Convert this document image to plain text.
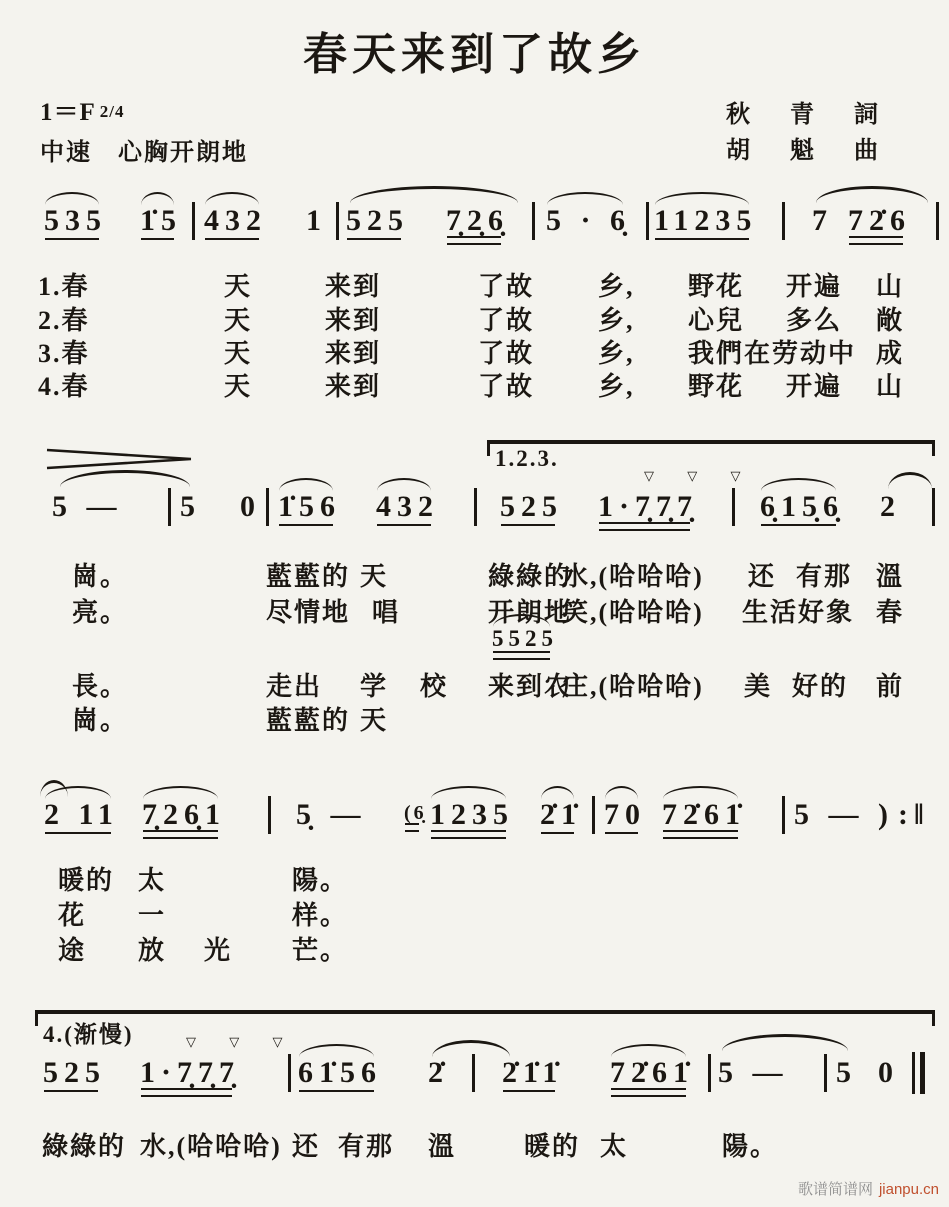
春天来到了故乡
1＝F 2/4
中速　心胸开朗地
秋　青　詞
胡　魁　曲
535 1̇5 432 1 525 7̣2̣6̣ 5 · 6̣ 11235 7 72̇6
1.春	天	来到	了故 乡, 野花 开遍 山
2.春	天	来到	了故 乡, 心兒 多么 敞
3.春	天	来到	了故 乡, 我們在劳动中 成
4.春	天	来到	了故 乡, 野花 开遍 山
1.2.3.
▽ ▽ ▽
5 — 5 0 1̇56 432 525 1·7̣7̣7̣ 6̣15̣6̣ 2
崗。	藍藍的 天	綠綠的
水,(哈哈哈) 还 有那 溫
亮。	尽情地 唱	开朗地
笑,(哈哈哈) 生活好象 春
5525
長。	走出 学 校 来到农
庄,(哈哈哈) 美 好的 前
崗。	藍藍的 天
2 11 7̣26̣1 5̣ — (6̣ 1235 2̇1̇ 70 72̇61̇ 5 — ) :‖
暖的 太	陽。
花 一	样。
途 放 光 芒。
4.(渐慢)	▽ ▽ ▽
525 1·7̣7̣7̣ 61̇56 2̇ 2̇1̇1̇ 72̇61̇ 5 — 5 0
綠綠的 水,(哈哈哈) 还 有那 溫	暖的 太	陽。
歌谱简谱网 jianpu.cn
